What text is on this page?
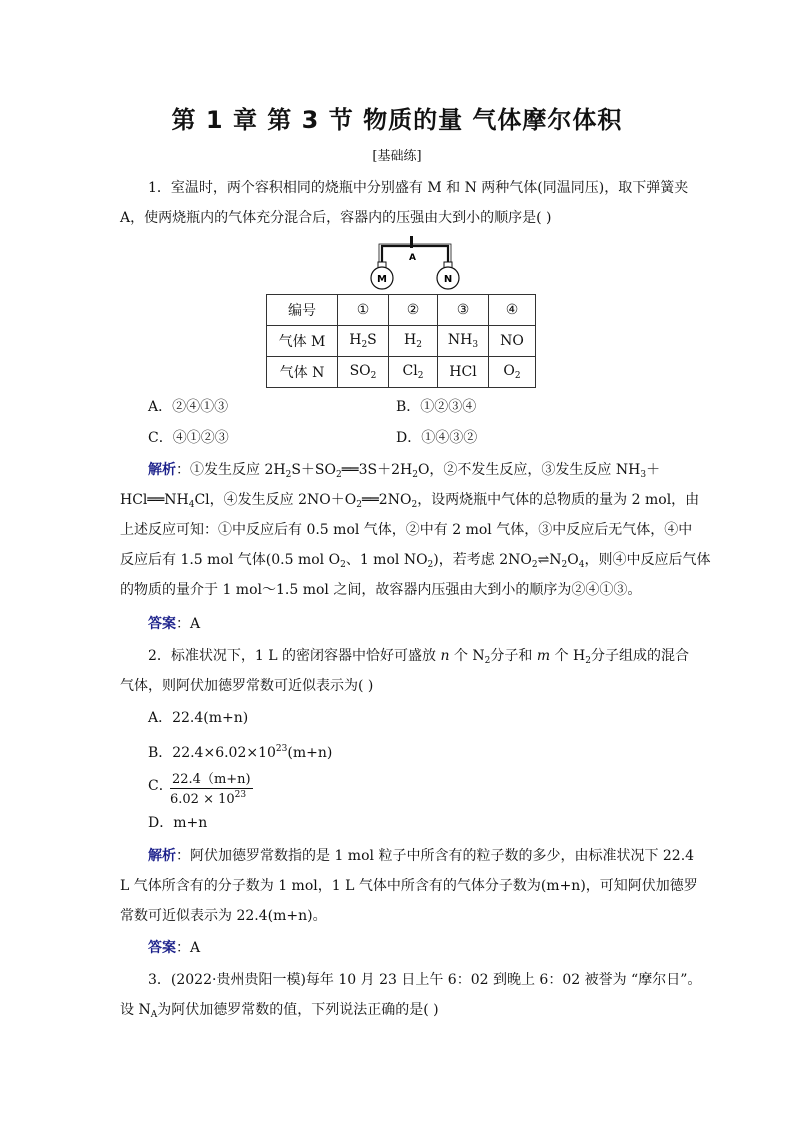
第 1 章 第 3 节 物质的量 气体摩尔体积
[基础练]
1．室温时，两个容积相同的烧瓶中分别盛有 M 和 N 两种气体(同温同压)，取下弹簧夹
A，使两烧瓶内的气体充分混合后，容器内的压强由大到小的顺序是( )
A
M	N
编号	①	②	③	④
气体 M	$H_2S$	$H_2$	$NH_3$	NO
气体 N	$SO_2$	$Cl_2$	HCl	$O_2$
A．②④①③	B．①②③④
C．④①②③	D．①④③②
解析：①发生反应 $2H_2S+SO_2══3S+2H_2O$，②不发生反应，③发生反应 $NH_3+$
$HCl══NH_4Cl$，④发生反应 $2NO+O_2══2NO_2$，设两烧瓶中气体的总物质的量为 2 mol，由
上述反应可知：①中反应后有 0.5 mol 气体，②中有 2 mol 气体，③中反应后无气体，④中
反应后有 1.5 mol 气体(0.5 mol $O_2$、1 mol $NO_2$)，若考虑 $2NO_2\rightleftharpoons N_2O_4$，则④中反应后气体
的物质的量介于 1 mol～1.5 mol 之间，故容器内压强由大到小的顺序为②④①③。
答案：A
2．标准状况下，1 L 的密闭容器中恰好可盛放 n 个 $N_2$分子和 m 个 $H_2$分子组成的混合
气体，则阿伏加德罗常数可近似表示为( )
A．22.4(m+n)
B．$22.4\times 6.02\times 10^{23}(m+n)$
C．
$\frac{22.4(m+n)}{6.02 \times 10^{23}}$
D．m+n
解析：阿伏加德罗常数指的是 1 mol 粒子中所含有的粒子数的多少，由标准状况下 22.4
L 气体所含有的分子数为 1 mol，1 L 气体中所含有的气体分子数为(m+n)，可知阿伏加德罗
常数可近似表示为 22.4(m+n)。
答案：A
3．(2022·贵州贵阳一模)每年 10 月 23 日上午 6：02 到晚上 6：02 被誉为 “摩尔日”。
设 $N_A$为阿伏加德罗常数的值，下列说法正确的是( )
